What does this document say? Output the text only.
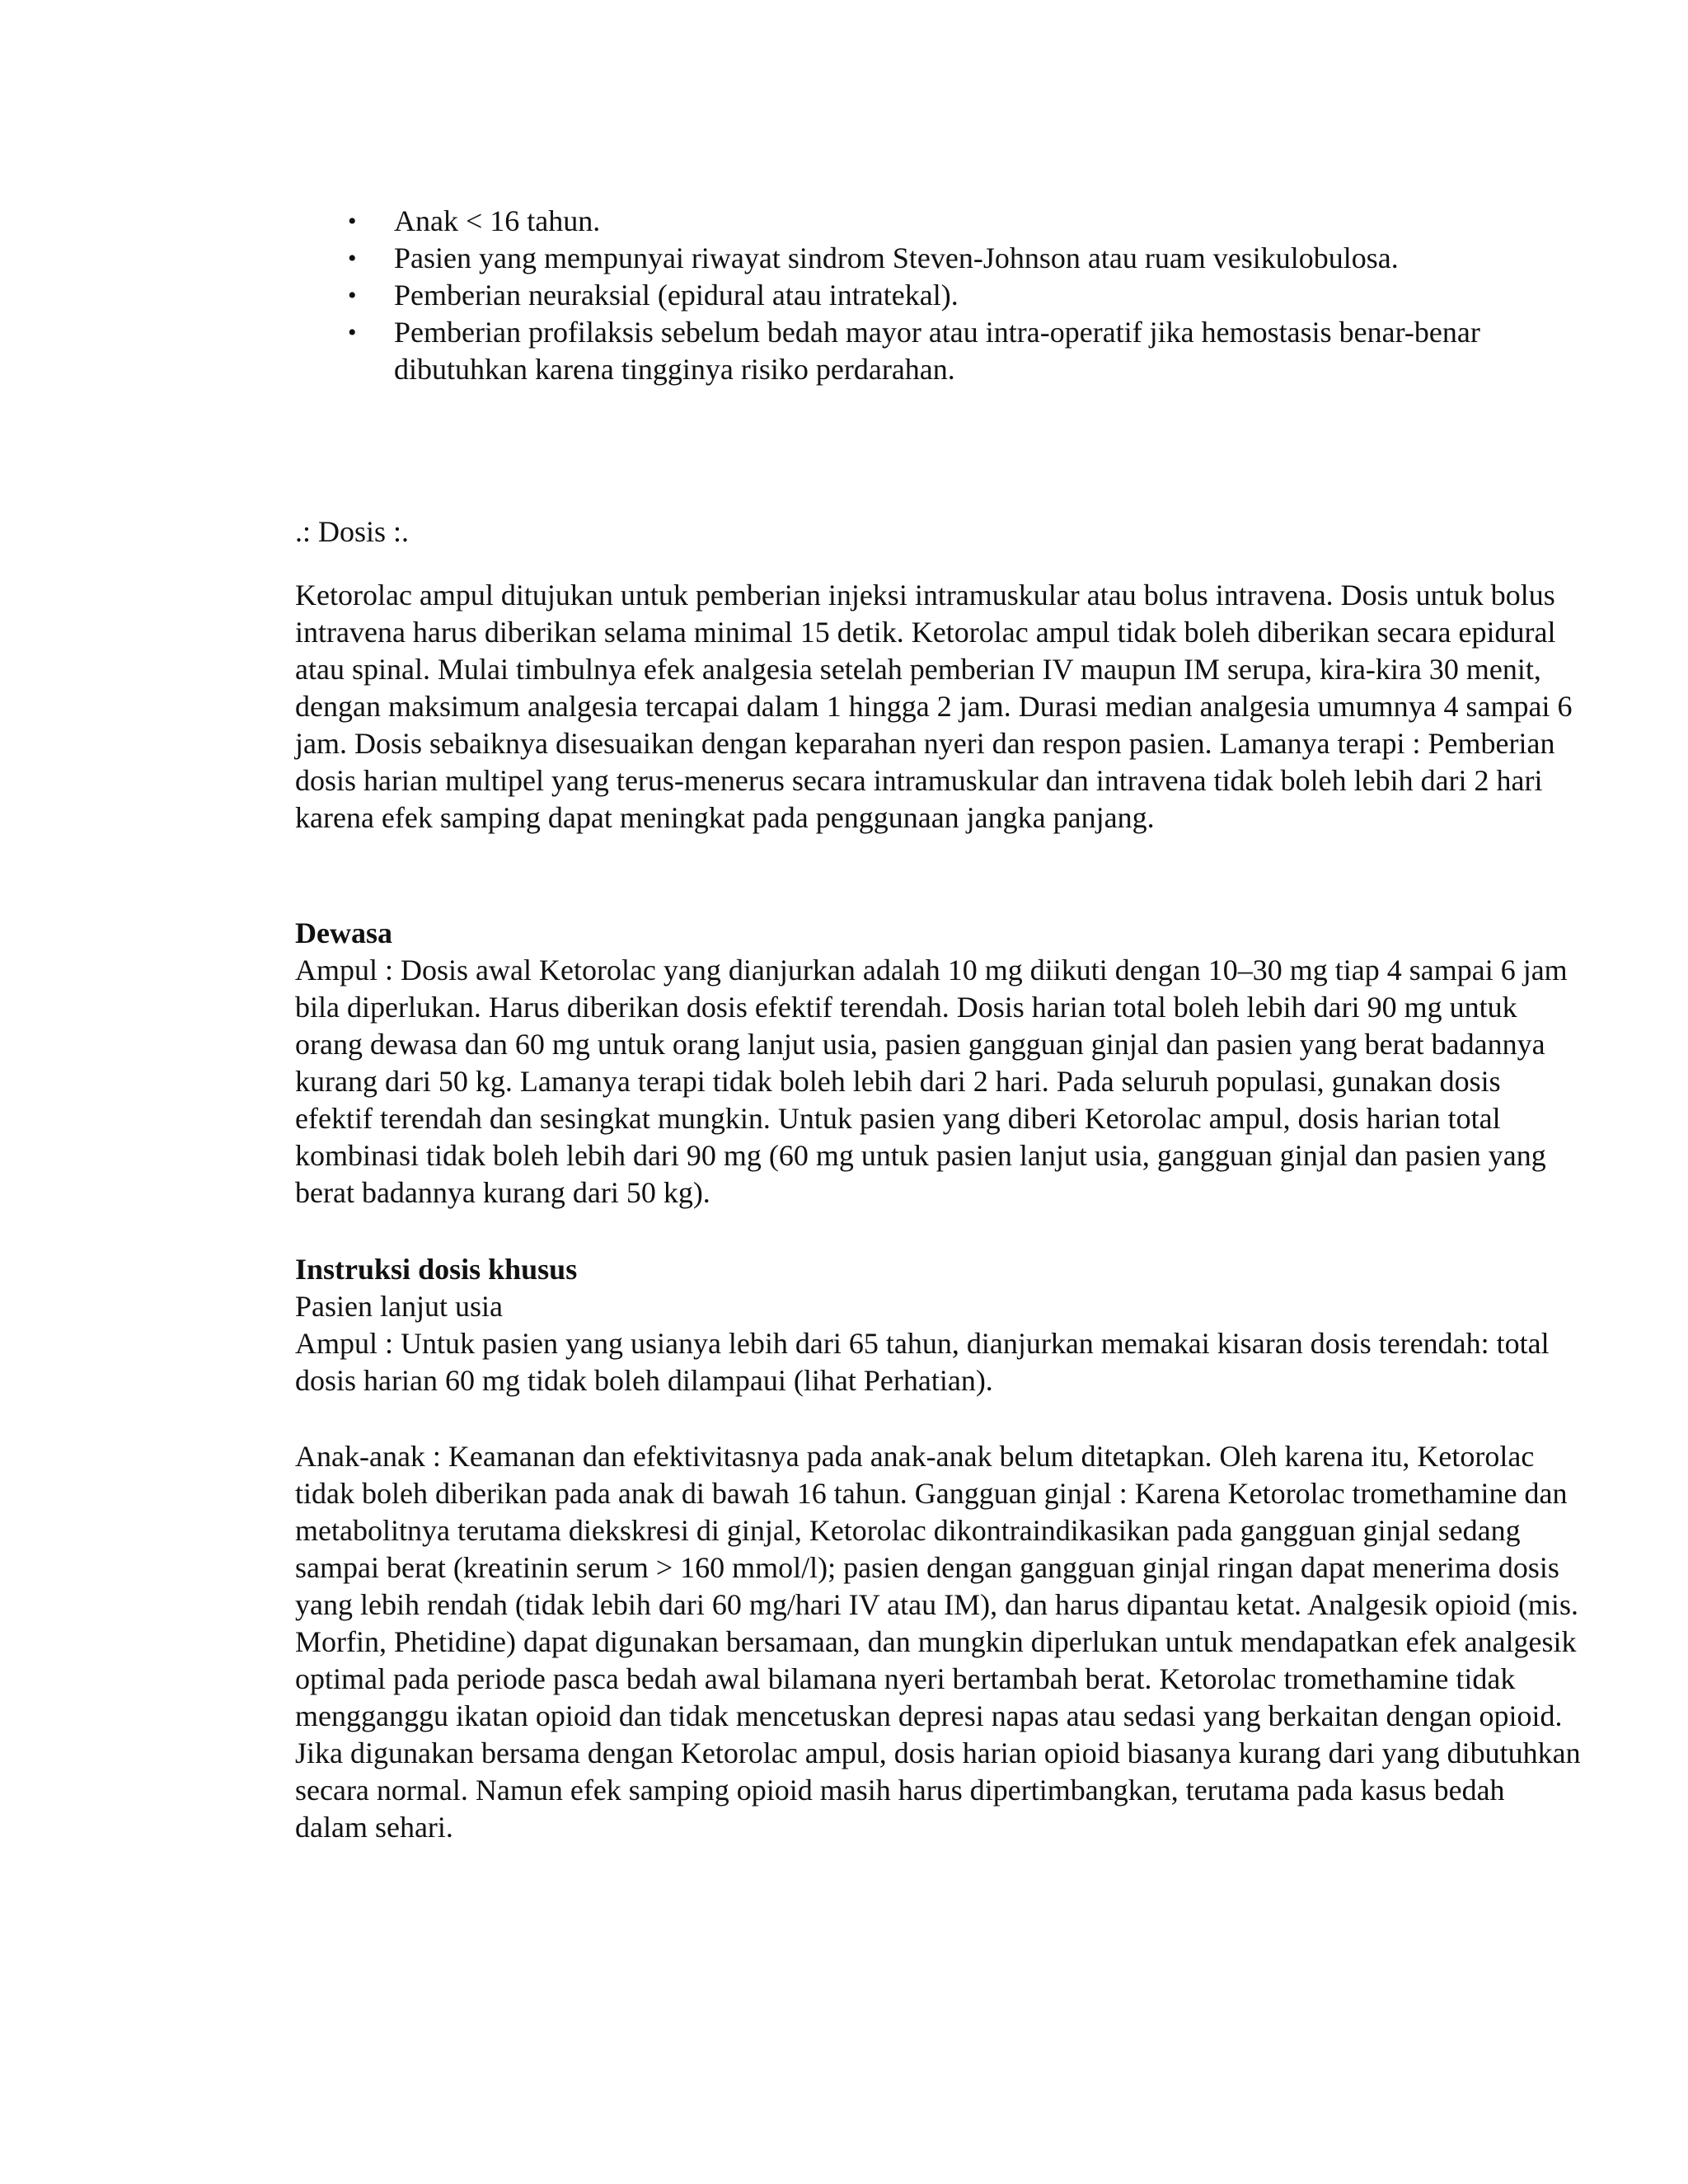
•	Anak < 16 tahun.
•	Pasien yang mempunyai riwayat sindrom Steven-Johnson atau ruam vesikulobulosa.
•	Pemberian neuraksial (epidural atau intratekal).
•	Pemberian profilaksis sebelum bedah mayor atau intra-operatif jika hemostasis benar-benar dibutuhkan karena tingginya risiko perdarahan.

.: Dosis :.

Ketorolac ampul ditujukan untuk pemberian injeksi intramuskular atau bolus intravena. Dosis untuk bolus intravena harus diberikan selama minimal 15 detik. Ketorolac ampul tidak boleh diberikan secara epidural atau spinal. Mulai timbulnya efek analgesia setelah pemberian IV maupun IM serupa, kira-kira 30 menit, dengan maksimum analgesia tercapai dalam 1 hingga 2 jam. Durasi median analgesia umumnya 4 sampai 6 jam. Dosis sebaiknya disesuaikan dengan keparahan nyeri dan respon pasien. Lamanya terapi : Pemberian dosis harian multipel yang terus-menerus secara intramuskular dan intravena tidak boleh lebih dari 2 hari karena efek samping dapat meningkat pada penggunaan jangka panjang.

Dewasa
Ampul : Dosis awal Ketorolac yang dianjurkan adalah 10 mg diikuti dengan 10–30 mg tiap 4 sampai 6 jam bila diperlukan. Harus diberikan dosis efektif terendah. Dosis harian total boleh lebih dari 90 mg untuk orang dewasa dan 60 mg untuk orang lanjut usia, pasien gangguan ginjal dan pasien yang berat badannya kurang dari 50 kg. Lamanya terapi tidak boleh lebih dari 2 hari. Pada seluruh populasi, gunakan dosis efektif terendah dan sesingkat mungkin. Untuk pasien yang diberi Ketorolac ampul, dosis harian total kombinasi tidak boleh lebih dari 90 mg (60 mg untuk pasien lanjut usia, gangguan ginjal dan pasien yang berat badannya kurang dari 50 kg).
Instruksi dosis khusus
Pasien lanjut usia
Ampul : Untuk pasien yang usianya lebih dari 65 tahun, dianjurkan memakai kisaran dosis terendah: total dosis harian 60 mg tidak boleh dilampaui (lihat Perhatian).

Anak-anak : Keamanan dan efektivitasnya pada anak-anak belum ditetapkan. Oleh karena itu, Ketorolac tidak boleh diberikan pada anak di bawah 16 tahun. Gangguan ginjal : Karena Ketorolac tromethamine dan metabolitnya terutama diekskresi di ginjal, Ketorolac dikontraindikasikan pada gangguan ginjal sedang sampai berat (kreatinin serum > 160 mmol/l); pasien dengan gangguan ginjal ringan dapat menerima dosis yang lebih rendah (tidak lebih dari 60 mg/hari IV atau IM), dan harus dipantau ketat. Analgesik opioid (mis. Morfin, Phetidine) dapat digunakan bersamaan, dan mungkin diperlukan untuk mendapatkan efek analgesik optimal pada periode pasca bedah awal bilamana nyeri bertambah berat. Ketorolac tromethamine tidak mengganggu ikatan opioid dan tidak mencetuskan depresi napas atau sedasi yang berkaitan dengan opioid. Jika digunakan bersama dengan Ketorolac ampul, dosis harian opioid biasanya kurang dari yang dibutuhkan secara normal. Namun efek samping opioid masih harus dipertimbangkan, terutama pada kasus bedah dalam sehari.
